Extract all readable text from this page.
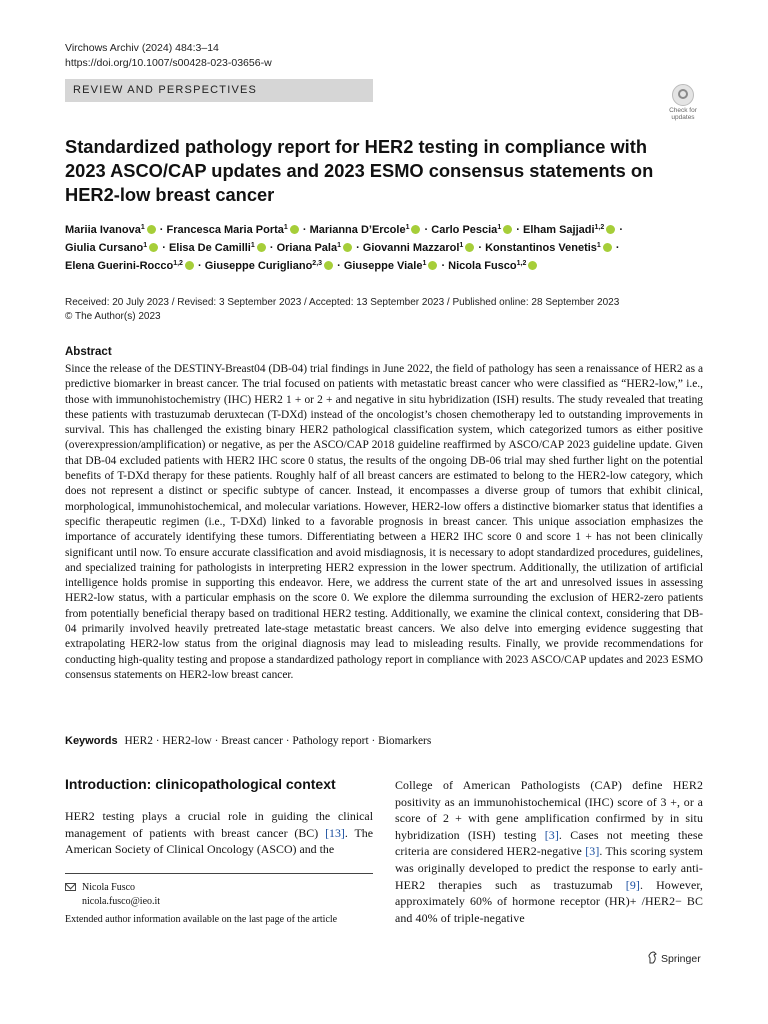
Virchows Archiv (2024) 484:3–14
https://doi.org/10.1007/s00428-023-03656-w
REVIEW AND PERSPECTIVES
Check for
updates
Standardized pathology report for HER2 testing in compliance with 2023 ASCO/CAP updates and 2023 ESMO consensus statements on HER2-low breast cancer
Mariia Ivanova$^1$ · Francesca Maria Porta$^1$ · Marianna D’Ercole$^1$ · Carlo Pescia$^1$ · Elham Sajjadi$^{1,2}$ ·
Giulia Cursano$^1$ · Elisa De Camilli$^1$ · Oriana Pala$^1$ · Giovanni Mazzarol$^1$ · Konstantinos Venetis$^1$ ·
Elena Guerini-Rocco$^{1,2}$ · Giuseppe Curigliano$^{2,3}$ · Giuseppe Viale$^1$ · Nicola Fusco$^{1,2}$
Received: 20 July 2023 / Revised: 3 September 2023 / Accepted: 13 September 2023 / Published online: 28 September 2023
© The Author(s) 2023
Abstract

Since the release of the DESTINY-Breast04 (DB-04) trial findings in June 2022, the field of pathology has seen a renaissance of HER2 as a predictive biomarker in breast cancer. The trial focused on patients with metastatic breast cancer who were classified as “HER2-low,” i.e., those with immunohistochemistry (IHC) HER2 1 + or 2 + and negative in situ hybridization (ISH) results. The study revealed that treating these patients with trastuzumab deruxtecan (T-DXd) instead of the oncologist’s chosen chemotherapy led to outstanding improvements in survival. This has challenged the existing binary HER2 pathological classification system, which categorized tumors as either positive (overexpression/amplification) or negative, as per the ASCO/CAP 2018 guideline reaffirmed by ASCO/CAP 2023 guideline update. Given that DB-04 excluded patients with HER2 IHC score 0 status, the results of the ongoing DB-06 trial may shed further light on the potential benefits of T-DXd therapy for these patients. Roughly half of all breast cancers are estimated to belong to the HER2-low category, which does not represent a distinct or specific subtype of cancer. Instead, it encompasses a diverse group of tumors that exhibit clinical, morphological, immunohistochemical, and molecular variations. However, HER2-low offers a distinctive biomarker status that identifies a specific therapeutic regimen (i.e., T-DXd) linked to a favorable prognosis in breast cancer. This unique association emphasizes the importance of accurately identifying these tumors. Differentiating between a HER2 IHC score 0 and score 1 + has not been clinically significant until now. To ensure accurate classification and avoid misdiagnosis, it is necessary to adopt standardized procedures, guidelines, and specialized training for pathologists in interpreting HER2 expression in the lower spectrum. Additionally, the utilization of artificial intelligence holds promise in supporting this endeavor. Here, we address the current state of the art and unresolved issues in assessing HER2-low status, with a particular emphasis on the score 0. We explore the dilemma surrounding the exclusion of HER2-zero patients from potentially beneficial therapy based on traditional HER2 testing. Additionally, we examine the clinical context, considering that DB-04 primarily involved heavily pretreated late-stage metastatic breast cancers. We also delve into emerging evidence suggesting that extrapolating HER2-low status from the original diagnosis may lead to misleading results. Finally, we provide recommendations for conducting high-quality testing and propose a standardized pathology report in compliance with 2023 ASCO/CAP updates and 2023 ESMO consensus statements on HER2-low breast cancer.

Keywords HER2 · HER2-low · Breast cancer · Pathology report · Biomarkers
Introduction: clinicopathological context

HER2 testing plays a crucial role in guiding the clinical management of patients with breast cancer (BC) [13]. The American Society of Clinical Oncology (ASCO) and the

College of American Pathologists (CAP) define HER2 positivity as an immunohistochemical (IHC) score of 3 +, or a score of 2 + with gene amplification confirmed by in situ hybridization (ISH) testing [3]. Cases not meeting these criteria are considered HER2-negative [3]. This scoring system was originally developed to predict the response to early anti-HER2 therapies such as trastuzumab [9]. However, approximately 60% of hormone receptor (HR)+ /HER2− BC and 40% of triple-negative

Nicola Fusco
nicola.fusco@ieo.it
Extended author information available on the last page of the article
Springer
